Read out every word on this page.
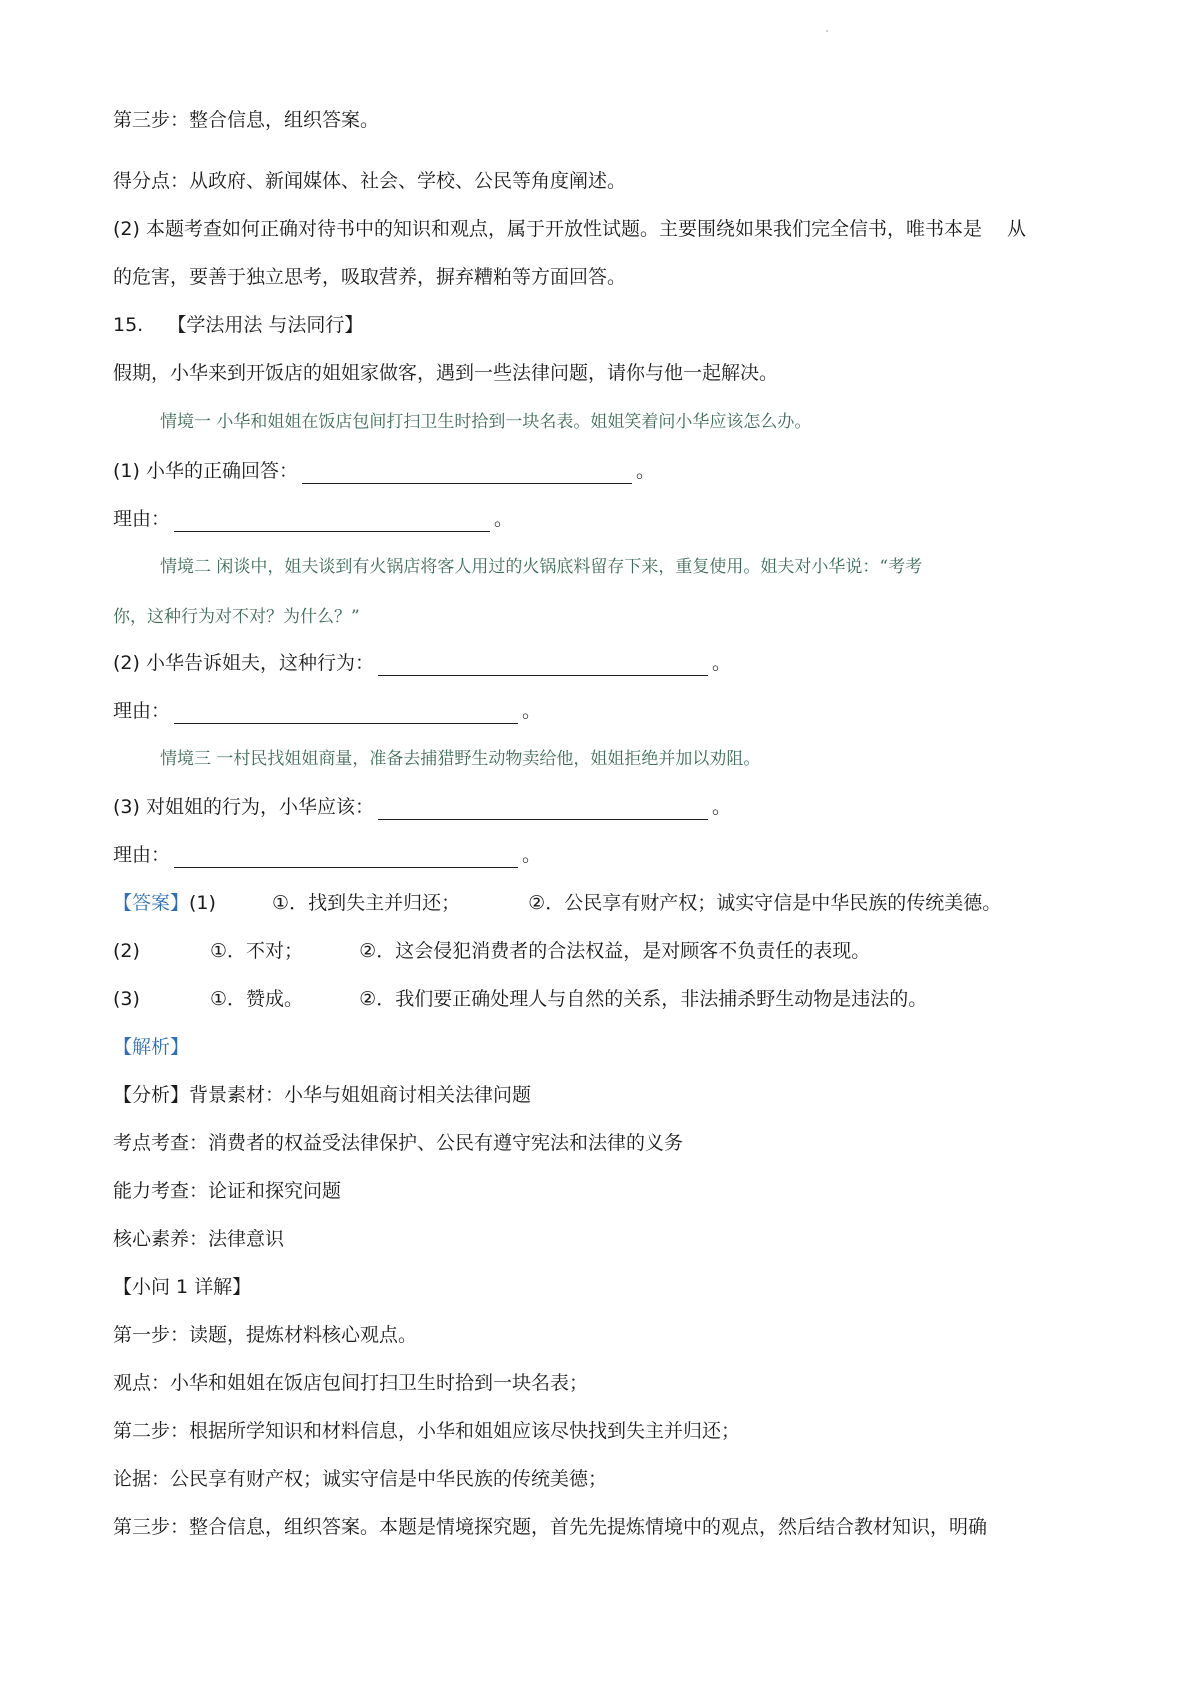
第三步：整合信息，组织答案。
得分点：从政府、新闻媒体、社会、学校、公民等角度阐述。
(2) 本题考查如何正确对待书中的知识和观点，属于开放性试题。主要围绕如果我们完全信书，唯书本是　 从
的危害，要善于独立思考，吸取营养，摒弃糟粕等方面回答。
15. 【学法用法 与法同行】
假期，小华来到开饭店的姐姐家做客，遇到一些法律问题，请你与他一起解决。
情境一 小华和姐姐在饭店包间打扫卫生时拾到一块名表。姐姐笑着问小华应该怎么办。
(1) 小华的正确回答：	。
理由：	。
情境二 闲谈中，姐夫谈到有火锅店将客人用过的火锅底料留存下来，重复使用。姐夫对小华说：“考考
你，这种行为对不对？为什么？”
(2) 小华告诉姐夫，这种行为：	。
理由：	。
情境三 一村民找姐姐商量，准备去捕猎野生动物卖给他，姐姐拒绝并加以劝阻。
(3) 对姐姐的行为，小华应该：	。
理由：	。
【答案】(1)	①．找到失主并归还；	②．公民享有财产权；诚实守信是中华民族的传统美德。
(2)	①．不对；	②．这会侵犯消费者的合法权益，是对顾客不负责任的表现。
(3)	①．赞成。	②．我们要正确处理人与自然的关系，非法捕杀野生动物是违法的。
【解析】
【分析】背景素材：小华与姐姐商讨相关法律问题
考点考查：消费者的权益受法律保护、公民有遵守宪法和法律的义务
能力考查：论证和探究问题
核心素养：法律意识
【小问 1 详解】
第一步：读题，提炼材料核心观点。
观点：小华和姐姐在饭店包间打扫卫生时拾到一块名表；
第二步：根据所学知识和材料信息，小华和姐姐应该尽快找到失主并归还；
论据：公民享有财产权；诚实守信是中华民族的传统美德；
第三步：整合信息，组织答案。本题是情境探究题，首先先提炼情境中的观点，然后结合教材知识，明确
